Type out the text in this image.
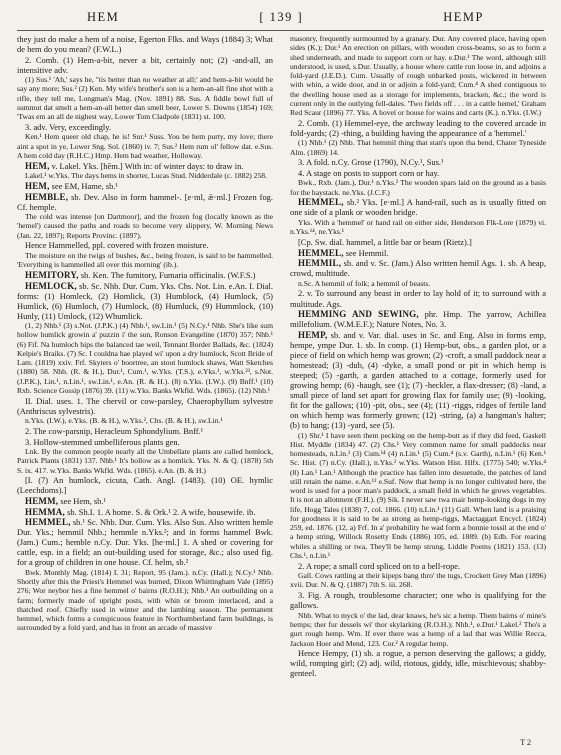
HEM	[ 139 ]	HEMP

they just do make a hem of a noise, Egerton Flks. and Ways (1884) 3; What de hem do you mean? (F.W.L.)

2. Comb. (1) Hem-a-bit, never a bit, certainly not; (2) -and-all, an intensitive adv.

(1) Sus.¹ 'Ah,' says he, ''tis better than no weather at all;' and hem-a-bit would he say any more; Sus.² (2) Ken. My wife's brother's son is a hem-an-all fine shot with a rifle, they tell me, Longman's Mag. (Nov. 1891) 88. Sus. A fiddle bowl full of summut dat smelt a hem-an-all better dan smell beer, Lower S. Downs (1854) 169; 'Twas em an all de nighest way, Lower Tom Cladpole (1831) st. 100.

3. adv. Very, exceedingly.

Ken.¹ Hem queer old chap, he is! Sur.¹ Suss. You be hem purty, my love; there aint a spot in ye, Lower Sng. Sol. (1860) iv. 7; Sus.² Hem rum ol' fellow dat. e.Sus. A hem cold day (R.H.C.) Hmp. Hem bad weather, Holloway.

HEM, v. Lakel. Yks. [hĕm.] With in: of winter days: to draw in.

Lakel.¹ w.Yks. The days hems in shorter, Lucas Stud. Nidderdale (c. 1882) 258.

HEM, see EM, Hame, sb.¹

HEMBLE, sb. Dev. Also in form hammel-. [e·ml, ǣ·ml.] Frozen fog. Cf. hemple.

The cold was intense [on Dartmoor], and the frozen fog (locally known as the 'hemel') caused the paths and roads to become very slippery, W. Morning News (Jan. 22, 1897); Reports Provinc. (1897).

Hence Hammelled, ppl. covered with frozen moisture.

The moisture on the twigs of bushes, &c., being frozen, is said to be hammelled. 'Everything is hammelled all over this morning' (ib.).

HEMITORY, sb. Ken. The fumitory, Fumaria officinalis. (W.F.S.)

HEMLOCK, sb. Sc. Nhb. Dur. Cum. Yks. Chs. Not. Lin. e.An. I. Dial. forms: (1) Homleck, (2) Homlick, (3) Humblock, (4) Humlock, (5) Humlick, (6) Humloch, (7) Humlock, (8) Humluck, (9) Hummlock, (10) Hunly, (11) Umlock, (12) Whumlick.

(1, 2) Nhb.¹ (3) s.Not. (J.P.K.) (4) Nhb.¹, sw.Lin.¹ (5) N.Cy.¹ Nhb. She's like sum hollow humlick growin a' puzzin i' the sun, Ronson Evangeline (1870) 357; Nhb.¹ (6) Fif. Na humloch hips the balanced tae weil, Tennant Border Ballads, &c. (1824) Kelpie's Braiks. (7) Sc. I couldna hae played wi' upon a dry humlock, Scott Bride of Lam. (1819) xxiv. Frf. Skyters o' boortree, an stout humlock shaws, Watt Sketches (1880) 58. Nhb. (R. & H.), Dur.¹, Cum.¹, w.Yks. (T.S.), e.Yks.¹, w.Yks.²³, s.Not. (J.P.K.), Lin.¹, n.Lin.¹, sw.Lin.¹, e.An. (R. & H.). (8) n.Yks. (I.W.). (9) Bnff.¹ (10) Rxb. Science Gossip (1876) 39. (11) w.Yks. Banks Wkfld. Wds. (1865). (12) Nhb.¹

II. Dial. uses. 1. The chervil or cow-parsley, Chaerophyllum sylvestre (Anthriscus sylvestris).

n.Yks. (I.W.), e.Yks. (B. & H.), w.Yks.², Chs. (B. & H.), sw.Lin.¹

2. The cow-parsnip, Heracleum Sphondylium. Bnff.¹

3. Hollow-stemmed umbelliferous plants gen.

Lnk. By the common people nearly all the Umbellate plants are called hemlock, Patrick Plants (1831) 137. Nhb.¹ It's hollow as a homlick. Yks. N. & Q. (1878) 5th S. ix. 417. w.Yks. Banks Wkfld. Wds. (1865). e.An. (B. & H.)

[I. (7) An humlock, cicuta, Cath. Angl. (1483). (10) OE. hymlic (Leechdoms).]

HEMM, see Hem, sb.¹

HEMMA, sb. Sh.I. 1. A home. S. & Ork.¹ 2. A wife, housewife. ib.

HEMMEL, sb.¹ Sc. Nhb. Dur. Cum. Yks. Also Sus. Also written hemle Dur. Yks.; hemmil Nhb.; hemmle n.Yks.²; and in forms hammel Bwk. (Jam.) Cum.; hemble n.Cy. Dur. Yks. [he·ml.] 1. A shed or covering for cattle, esp. in a field; an out-building used for storage, &c.; also used fig. for a group of children in one house. Cf. helm, sb.²

Bwk. Monthly Mag. (1814) I. 31; Report, 95 (Jam.). n.Cy. (Hall.); N.Cy.¹ Nhb. Shortly after this the Priest's Hemmel was burned, Dixon Whittingham Vale (1895) 276; Wor neybor hes a fine hemmel o' bairns (R.O.H.); Nhb.¹ An outbuilding on a farm; formerly made of upright posts, with whin or broom interlaced, and a thatched roof. Chiefly used in winter and the lambing season. The permanent hemmel, which forms a conspicuous feature in Northumberland farm buildings, is surrounded by a fold yard, and has in front an arcade of massive

masonry, frequently surmounted by a granary. Dur. Any covered place, having open sides (K.); Dur.¹ An erection on pillars, with wooden cross-beams, so as to form a shed underneath, and made to support corn or hay. e.Dur.¹ The word, although still understood, is used, s.Dur. Usually, a house where cattle run loose in, and adjoins a fold-yard (J.E.D.). Cum. Usually of rough unbarked posts, wickered in between with whin, a wide door, and in or adjoin a fold-yard; Cum.⁴ A shed contiguous to the dwelling house used as a storage for implements, bracken, &c.; the word is current only in the outlying fell-dales. 'Two fields off . . . in a cattle hemel,' Graham Red Scaur (1896) 77. Yks. A hovel or house for wains and carts (K.). n.Yks. (I.W.)

2. Comb. (1) Hemmel-eye, the archway leading to the covered arcade in fold-yards; (2) -thing, a building having the appearance of a 'hemmel.'

(1) Nhb.¹ (2) Nhb. That hemmil thing that stan's upon tha bend, Chater Tyneside Alm. (1869) 14.

3. A fold. n.Cy. Grose (1790), N.Cy.¹, Sus.¹

4. A stage on posts to support corn or hay.

Bwk., Rxb. (Jam.), Dur.¹ n.Yks.² The wooden spars laid on the ground as a basis for the haystack. ne.Yks. (J.C.F.)

HEMMEL, sb.² Yks. [e·ml.] A hand-rail, such as is usually fitted on one side of a plank or wooden bridge.

Yks. With a 'hemmel' or hand rail on either side, Henderson Flk-Lore (1879) vi. n.Yks.¹⁴, ne.Yks.¹

[Cp. Sw. dial. hammel, a little bar or beam (Rietz).]

HEMMEL, see Hemmil.

HEMMIL, sb. and v. Sc. (Jam.) Also written hemil Ags. 1. sb. A heap, crowd, multitude.

n.Sc. A hemmil of folk; a hemmil of beasts.

2. v. To surround any beast in order to lay hold of it; to surround with a multitude. Ags.

HEMMING AND SEWING, phr. Hmp. The yarrow, Achillea millefolium. (W.M.E.F.); Nature Notes, No. 3.

HEMP, sb. and v. Var. dial. uses in Sc. and Eng. Also in forms emp, hempe, ympe Dur. 1. sb. In comp. (1) Hemp-but, obs., a garden plot, or a piece of field on which hemp was grown; (2) -croft, a small paddock near a homestead; (3) -dub, (4) -dyke, a small pond or pit in which hemp is steeped; (5) -garth, a garden attached to a cottage, formerly used for growing hemp; (6) -haugh, see (1); (7) -heckler, a flax-dresser; (8) -land, a small piece of land set apart for growing flax for family use; (9) -looking, fit for the gallows; (10) -pit, obs., see (4); (11) -riggs, ridges of fertile land on which hemp was formerly grown; (12) -string, (a) a hangman's halter; (b) to hang; (13) -yard, see (5).

(1) Shr.¹ I have seen them pecking on the hemp-butt as if they did feed, Gaskell Hist. Myddle (1834) 47. (2) Chs.¹ Very common name for small paddocks near homesteads, n.Lin.¹ (3) Cum.¹⁴ (4) n.Lin.¹ (5) Cum.⁴ (s.v. Garth), n.Lin.¹ (6) Ken.¹ Sc. Hist. (7) n.Cy. (Hall.), n.Yks.² w.Yks. Watson Hist. Hlfx. (1775) 540; w.Yks.⁴ (8) Lan.¹ Lan.¹ Although the practice has fallen into desuetude, the patches of land still retain the name. e.An.¹² e.Suf. Now that hemp is no longer cultivated here, the word is used for a poor man's paddock, a small field in which he grows vegetables. It is not an allotment (F.H.). (9) Sik. I never saw twa mair hemp-looking dogs in my life, Hogg Tales (1838) 7, col. 1866. (10) n.Lin.¹ (11) Gall. When land is a praising for goodness it is said to be as strong as hemp-riggs, Mactaggart Encycl. (1824) 259, ed. 1876. (12, a) Frf. In a' probability he wad form a bonnie tossil at the end o' a hemp string, Willock Rosetty Ends (1886) 105, ed. 1889. (b) Edb. For rearing whiles a shilling or twa, They'll be hemp strung, Liddle Poems (1821) 153. (13) Chs.¹, n.Lin.¹

2. A rope; a small cord spliced on to a bell-rope.

Gall. Cows rattling at their kipeps bang thro' the tugs, Crockett Grey Man (1896) xvii. Dur. N. & Q. (1887) 7th S. iii. 268.

3. Fig. A rough, troublesome character; one who is qualifying for the gallows.

Nhb. What to myck o' the lad, dear knaws, he's sic a hemp. Them bairns o' mine's hemps; ther fur dessels wi' thor skylarking (R.O.H.); Nhb.¹, e.Dur.¹ Lakel.² Tho's a gurt rough hemp. Wm. If ever there was a hemp of a lad that was Willie Recca, Jackson Hoer and Mend, 123. Cor.² A regular hemp.

Hence Hempy, (1) sb. a rogue, a person deserving the gallows; a giddy, wild, romping girl; (2) adj. wild, riotous, giddy, idle, mischievous; shabby-genteel.

T 2
